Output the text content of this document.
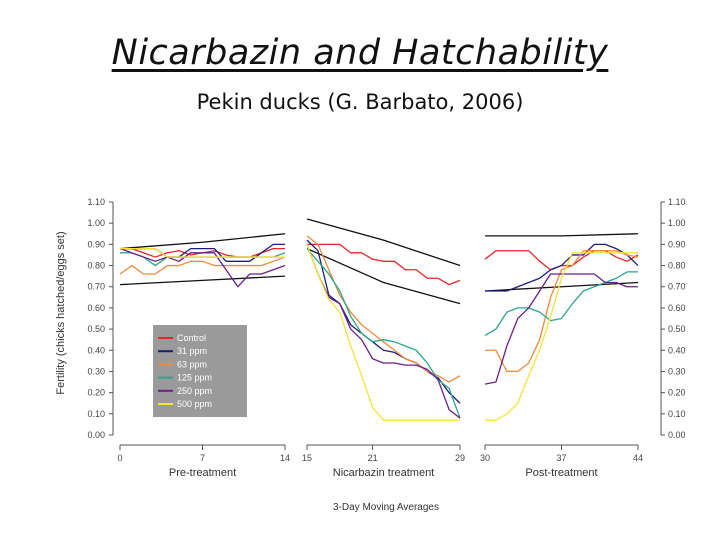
Nicarbazin and Hatchability
Pekin ducks (G. Barbato, 2006)
0.00
0.10
0.20
0.30
0.40
0.50
0.60
0.70
0.80
0.90
1.00
1.10
0.00
0.10
0.20
0.30
0.40
0.50
0.60
0.70
0.80
0.90
1.00
1.10
0	7	14
Pre-treatment
15	21	29
Nicarbazin treatment
30	37	44
Post-treatment
Control
31 ppm
63 ppm
125 ppm
250 ppm
500 ppm
Fertility (chicks hatched/eggs set)
3-Day Moving Averages
